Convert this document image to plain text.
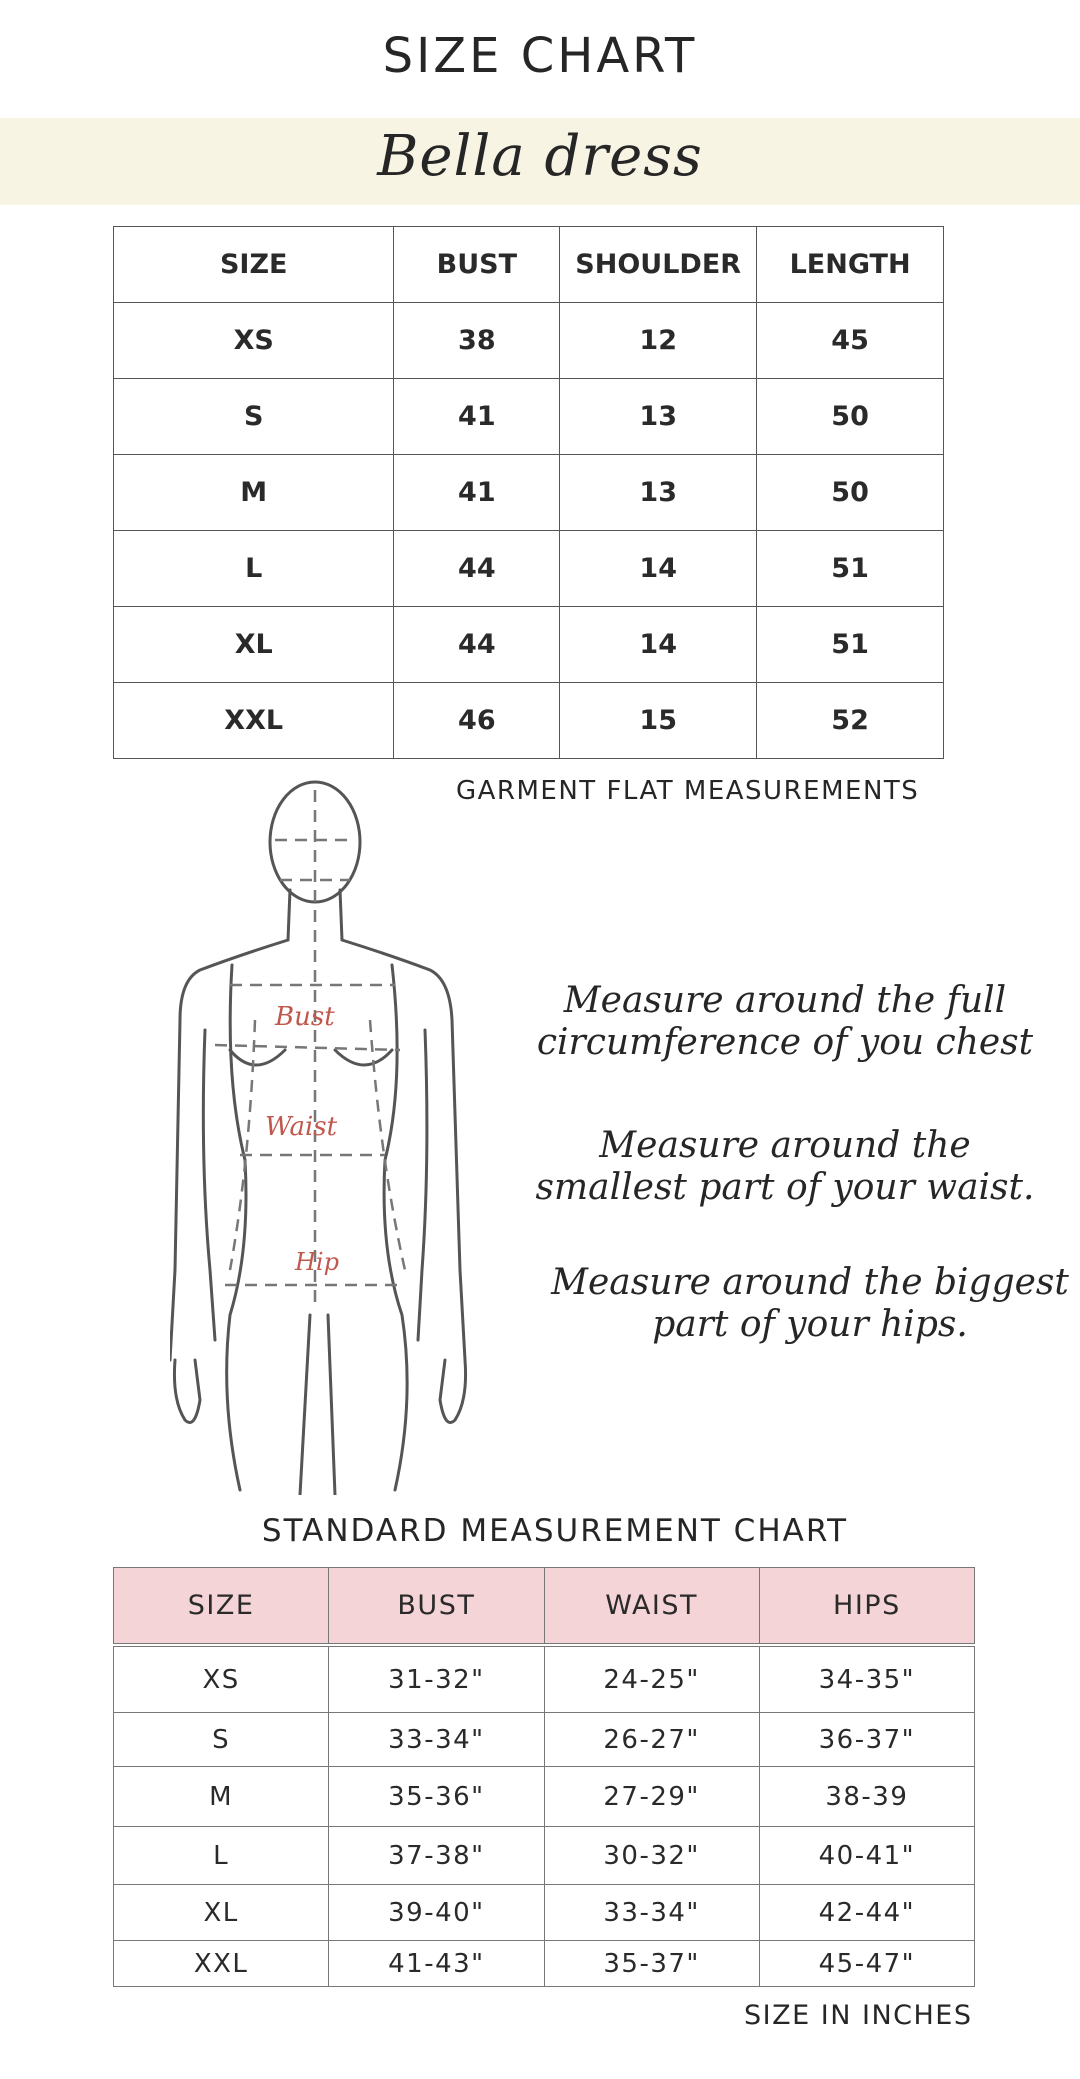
SIZE CHART
Bella dress
SIZE	BUST	SHOULDER	LENGTH
XS	38	12	45
S	41	13	50
M	41	13	50
L	44	14	51
XL	44	14	51
XXL	46	15	52
GARMENT FLAT MEASUREMENTS
Bust
Waist
Hip
Measure around the full
circumference of you chest
Measure around the
smallest part of your waist.
Measure around the biggest
part of your hips.
STANDARD MEASUREMENT CHART
SIZE	BUST	WAIST	HIPS

XS	31-32"	24-25"	34-35"
S	33-34"	26-27"	36-37"
M	35-36"	27-29"	38-39
L	37-38"	30-32"	40-41"
XL	39-40"	33-34"	42-44"
XXL	41-43"	35-37"	45-47"
SIZE IN INCHES
